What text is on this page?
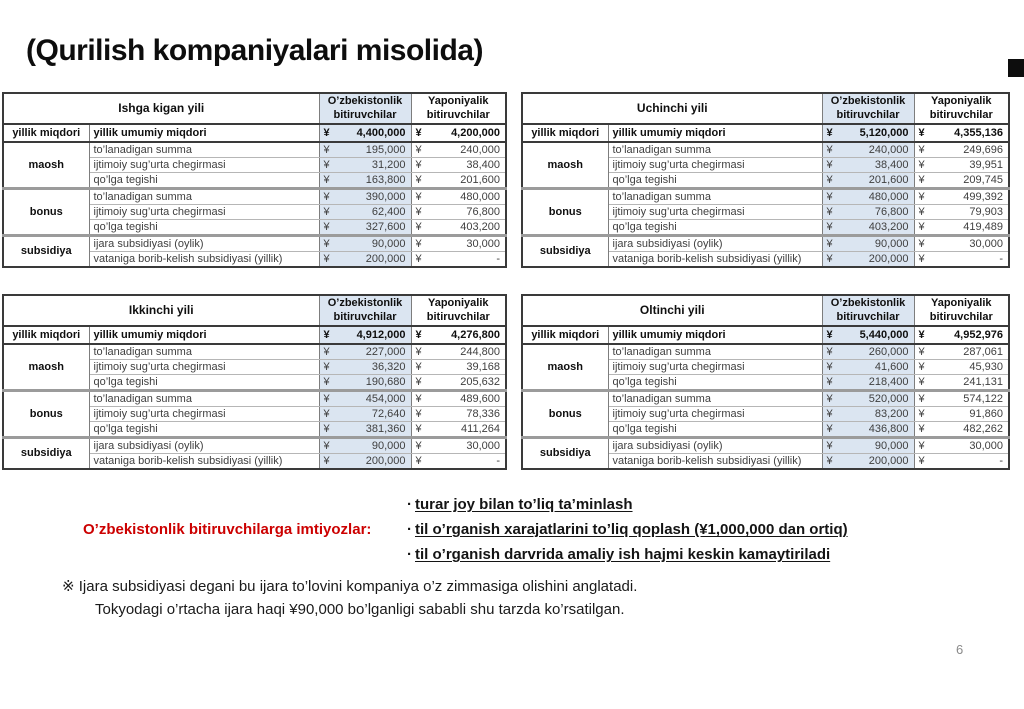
(Qurilish kompaniyalari misolida)
Ishga kigan yili		O’zbekistonlik bitiruvchilar	Yaponiyalik bitiruvchilar
yillik miqdori	yillik umumiy miqdori	¥ 4,400,000	¥ 4,200,000

maosh	to’lanadigan summa	¥ 195,000	¥ 240,000

	ijtimoiy sug’urta chegirmasi	¥ 31,200	¥ 38,400

	qo’lga tegishi	¥ 163,800	¥ 201,600

bonus	to’lanadigan summa	¥ 390,000	¥ 480,000

	ijtimoiy sug’urta chegirmasi	¥ 62,400	¥ 76,800

	qo’lga tegishi	¥ 327,600	¥ 403,200

subsidiya	ijara subsidiyasi (oylik)	¥ 90,000	¥ 30,000

	vataniga borib-kelish subsidiyasi (yillik)	¥ 200,000	¥ -
Uchinchi yili		O’zbekistonlik bitiruvchilar	Yaponiyalik bitiruvchilar
yillik miqdori	yillik umumiy miqdori	¥ 5,120,000	¥ 4,355,136

maosh	to’lanadigan summa	¥ 240,000	¥ 249,696

	ijtimoiy sug’urta chegirmasi	¥ 38,400	¥ 39,951

	qo’lga tegishi	¥ 201,600	¥ 209,745

bonus	to’lanadigan summa	¥ 480,000	¥ 499,392

	ijtimoiy sug’urta chegirmasi	¥ 76,800	¥ 79,903

	qo’lga tegishi	¥ 403,200	¥ 419,489

subsidiya	ijara subsidiyasi (oylik)	¥ 90,000	¥ 30,000

	vataniga borib-kelish subsidiyasi (yillik)	¥ 200,000	¥ -
Ikkinchi yili		O’zbekistonlik bitiruvchilar	Yaponiyalik bitiruvchilar
yillik miqdori	yillik umumiy miqdori	¥ 4,912,000	¥ 4,276,800

maosh	to’lanadigan summa	¥ 227,000	¥ 244,800

	ijtimoiy sug’urta chegirmasi	¥ 36,320	¥ 39,168

	qo’lga tegishi	¥ 190,680	¥ 205,632

bonus	to’lanadigan summa	¥ 454,000	¥ 489,600

	ijtimoiy sug’urta chegirmasi	¥ 72,640	¥ 78,336

	qo’lga tegishi	¥ 381,360	¥ 411,264

subsidiya	ijara subsidiyasi (oylik)	¥ 90,000	¥ 30,000

	vataniga borib-kelish subsidiyasi (yillik)	¥ 200,000	¥ -
Oltinchi yili		O’zbekistonlik bitiruvchilar	Yaponiyalik bitiruvchilar
yillik miqdori	yillik umumiy miqdori	¥ 5,440,000	¥ 4,952,976

maosh	to’lanadigan summa	¥ 260,000	¥ 287,061

	ijtimoiy sug’urta chegirmasi	¥ 41,600	¥ 45,930

	qo’lga tegishi	¥ 218,400	¥ 241,131

bonus	to’lanadigan summa	¥ 520,000	¥ 574,122

	ijtimoiy sug’urta chegirmasi	¥ 83,200	¥ 91,860

	qo’lga tegishi	¥ 436,800	¥ 482,262

subsidiya	ijara subsidiyasi (oylik)	¥ 90,000	¥ 30,000

	vataniga borib-kelish subsidiyasi (yillik)	¥ 200,000	¥ -
O’zbekistonlik bitiruvchilarga imtiyozlar:
· turar joy bilan to’liq ta’minlash
· til o’rganish xarajatlarini to’liq qoplash (¥1,000,000 dan ortiq)
· til o’rganish darvrida amaliy ish hajmi keskin kamaytiriladi
※ Ijara subsidiyasi degani bu ijara to’lovini kompaniya o’z zimmasiga olishini anglatadi.
Tokyodagi o’rtacha ijara haqi ¥90,000 bo’lganligi sababli shu tarzda ko’rsatilgan.
6
